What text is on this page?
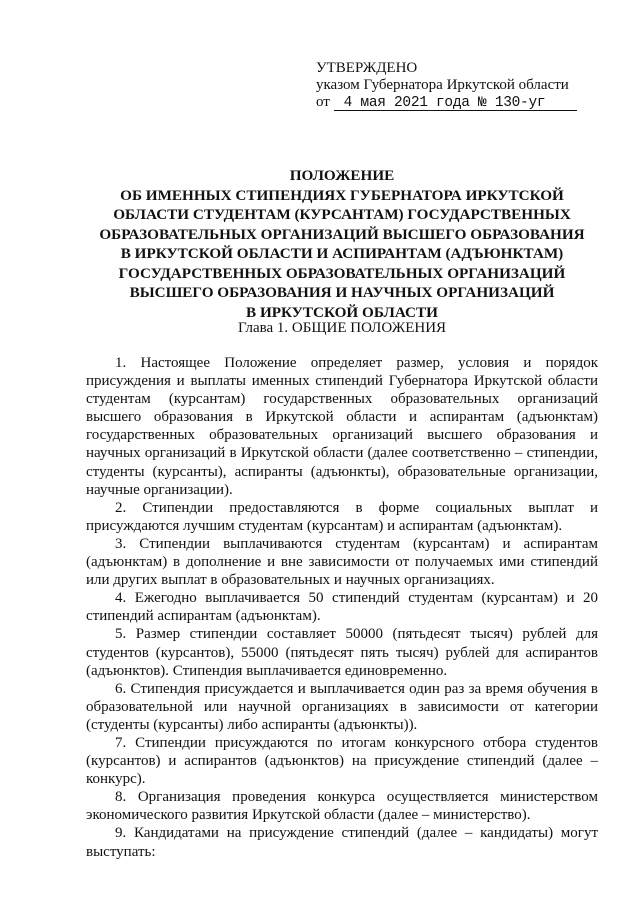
УТВЕРЖДЕНО
указом Губернатора Иркутской области
от 4 мая 2021 года № 130-уг
ПОЛОЖЕНИЕ
ОБ ИМЕННЫХ СТИПЕНДИЯХ ГУБЕРНАТОРА ИРКУТСКОЙ
ОБЛАСТИ СТУДЕНТАМ (КУРСАНТАМ) ГОСУДАРСТВЕННЫХ
ОБРАЗОВАТЕЛЬНЫХ ОРГАНИЗАЦИЙ ВЫСШЕГО ОБРАЗОВАНИЯ
В ИРКУТСКОЙ ОБЛАСТИ И АСПИРАНТАМ (АДЪЮНКТАМ)
ГОСУДАРСТВЕННЫХ ОБРАЗОВАТЕЛЬНЫХ ОРГАНИЗАЦИЙ
ВЫСШЕГО ОБРАЗОВАНИЯ И НАУЧНЫХ ОРГАНИЗАЦИЙ
В ИРКУТСКОЙ ОБЛАСТИ
Глава 1. ОБЩИЕ ПОЛОЖЕНИЯ

1. Настоящее Положение определяет размер, условия и порядок присуждения и выплаты именных стипендий Губернатора Иркутской области студентам (курсантам) государственных образовательных организаций высшего образования в Иркутской области и аспирантам (адъюнктам) государственных образовательных организаций высшего образования и научных организаций в Иркутской области (далее соответственно – стипендии, студенты (курсанты), аспиранты (адъюнкты), образовательные организации, научные организации).

2. Стипендии предоставляются в форме социальных выплат и присуждаются лучшим студентам (курсантам) и аспирантам (адъюнктам).

3. Стипендии выплачиваются студентам (курсантам) и аспирантам (адъюнктам) в дополнение и вне зависимости от получаемых ими стипендий или других выплат в образовательных и научных организациях.

4. Ежегодно выплачивается 50 стипендий студентам (курсантам) и 20 стипендий аспирантам (адъюнктам).

5. Размер стипендии составляет 50000 (пятьдесят тысяч) рублей для студентов (курсантов), 55000 (пятьдесят пять тысяч) рублей для аспирантов (адъюнктов). Стипендия выплачивается единовременно.

6. Стипендия присуждается и выплачивается один раз за время обучения в образовательной или научной организациях в зависимости от категории (студенты (курсанты) либо аспиранты (адъюнкты)).

7. Стипендии присуждаются по итогам конкурсного отбора студентов (курсантов) и аспирантов (адъюнктов) на присуждение стипендий (далее – конкурс).

8. Организация проведения конкурса осуществляется министерством экономического развития Иркутской области (далее – министерство).

9. Кандидатами на присуждение стипендий (далее – кандидаты) могут выступать:
